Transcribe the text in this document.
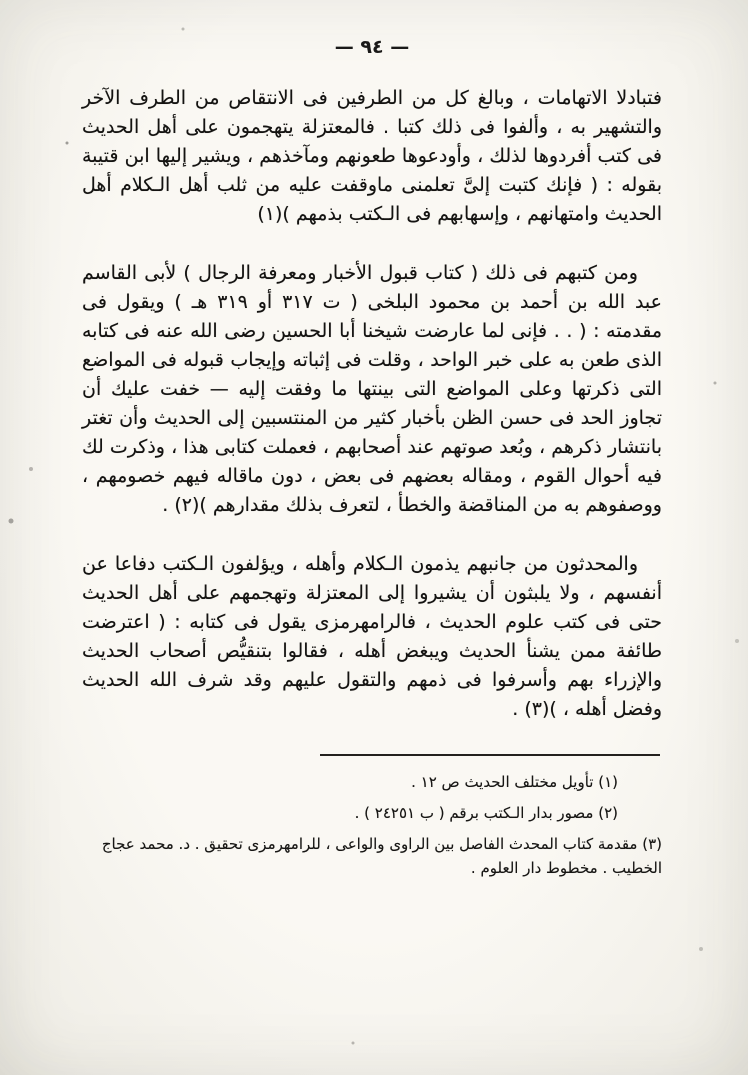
— ٩٤ —

فتبادلا الاتهامات ، وبالغ كل من الطرفين فى الانتقاص من الطرف الآخر والتشهير به ، وألفوا فى ذلك كتبا . فالمعتزلة يتهجمون على أهل الحديث فى كتب أفردوها لذلك ، وأودعوها طعونهم ومآخذهم ، ويشير إليها ابن قتيبة بقوله : ( فإنك كتبت إلىَّ تعلمنى ماوقفت عليه من ثلب أهل الـكلام أهل الحديث وامتهانهم ، وإسهابهم فى الـكتب بذمهم )(١)

ومن كتبهم فى ذلك ( كتاب قبول الأخبار ومعرفة الرجال ) لأبى القاسم عبد الله بن أحمد بن محمود البلخى ( ت ٣١٧ أو ٣١٩ هـ ) ويقول فى مقدمته : ( . . فإنى لما عارضت شيخنا أبا الحسين رضى الله عنه فى كتابه الذى طعن به على خبر الواحد ، وقلت فى إثباته وإيجاب قبوله فى المواضع التى ذكرتها وعلى المواضع التى بينتها ما وفقت إليه — خفت عليك أن تجاوز الحد فى حسن الظن بأخبار كثير من المنتسبين إلى الحديث وأن تغتر بانتشار ذكرهم ، وبُعد صوتهم عند أصحابهم ، فعملت كتابى هذا ، وذكرت لك فيه أحوال القوم ، ومقاله بعضهم فى بعض ، دون ماقاله فيهم خصومهم ، ووصفوهم به من المناقضة والخطأ ، لتعرف بذلك مقدارهم )(٢) .

والمحدثون من جانبهم يذمون الـكلام وأهله ، ويؤلفون الـكتب دفاعا عن أنفسهم ، ولا يلبثون أن يشيروا إلى المعتزلة وتهجمهم على أهل الحديث حتى فى كتب علوم الحديث ، فالرامهرمزى يقول فى كتابه : ( اعترضت طائفة ممن يشنأ الحديث ويبغض أهله ، فقالوا بتنقيُّص أصحاب الحديث والإزراء بهم وأسرفوا فى ذمهم والتقول عليهم وقد شرف الله الحديث وفضل أهله ، )(٣) .

(١) تأويل مختلف الحديث ص ١٢ .

(٢) مصور بدار الـكتب برقم ( ب ٢٤٢٥١ ) .

(٣) مقدمة كتاب المحدث الفاصل بين الراوى والواعى ، للرامهرمزى تحقيق . د. محمد عجاج الخطيب . مخطوط دار العلوم .
